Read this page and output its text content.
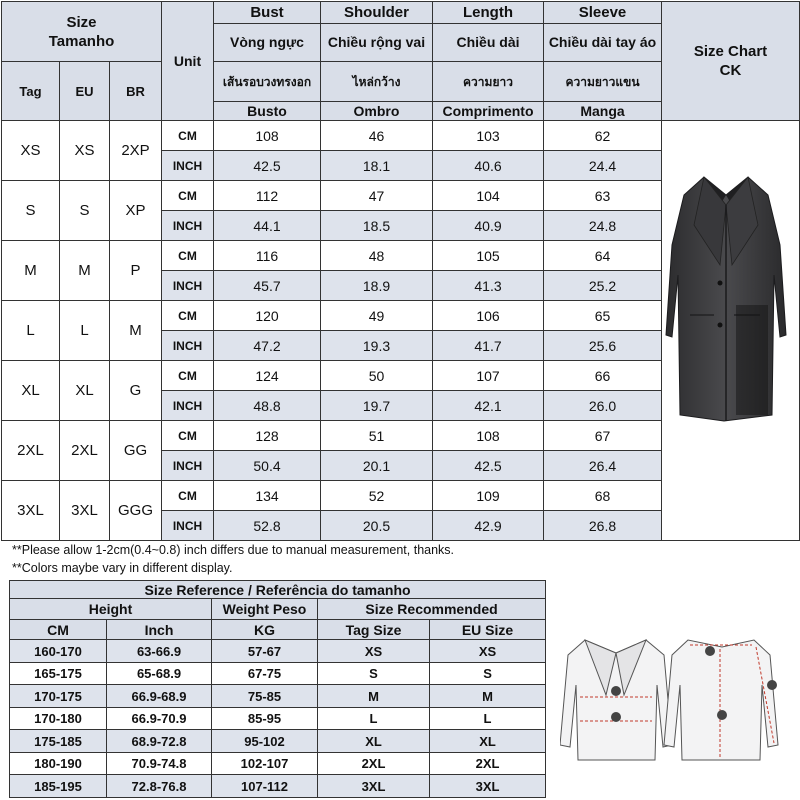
Size
Tamanho			Unit	Bust	Shoulder	Length	Sleeve	Size Chart
CK
				Vòng ngực	Chiều rộng vai	Chiều dài	Chiều dài tay áo	
Tag	EU	BR		เส้นรอบวงทรงอก	ไหล่กว้าง	ความยาว	ความยาวแขน	
				Busto	Ombro	Comprimento	Manga	
XS	XS	2XP	CM	108	46	103	62	
			INCH	42.5	18.1	40.6	24.4	
S	S	XP	CM	112	47	104	63	
			INCH	44.1	18.5	40.9	24.8	
M	M	P	CM	116	48	105	64	
			INCH	45.7	18.9	41.3	25.2	
L	L	M	CM	120	49	106	65	
			INCH	47.2	19.3	41.7	25.6	
XL	XL	G	CM	124	50	107	66	
			INCH	48.8	19.7	42.1	26.0	
2XL	2XL	GG	CM	128	51	108	67	
			INCH	50.4	20.1	42.5	26.4	
3XL	3XL	GGG	CM	134	52	109	68	
			INCH	52.8	20.5	42.9	26.8	
**Please allow 1-2cm(0.4~0.8) inch differs due to manual measurement, thanks.
**Colors maybe vary in different display.
Size Reference / Referência do tamanho				
Height		Weight Peso	Size Recommended	
CM	Inch	KG	Tag Size	EU Size
160-170	63-66.9	57-67	XS	XS
165-175	65-68.9	67-75	S	S
170-175	66.9-68.9	75-85	M	M
170-180	66.9-70.9	85-95	L	L
175-185	68.9-72.8	95-102	XL	XL
180-190	70.9-74.8	102-107	2XL	2XL
185-195	72.8-76.8	107-112	3XL	3XL
